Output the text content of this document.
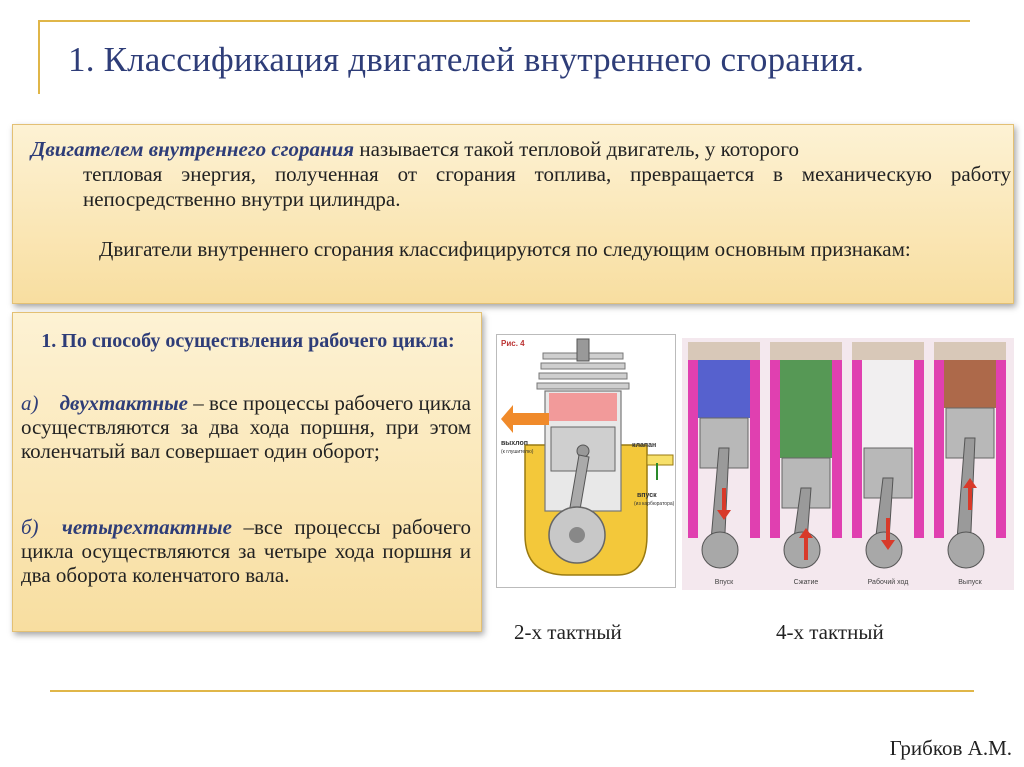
1. Классификация двигателей внутреннего сгорания.
Двигателем внутреннего сгорания называется такой тепловой двигатель, у которого
тепловая энергия, полученная от сгорания топлива, превращается в механическую работу непосредственно внутри цилиндра.
Двигатели внутреннего сгорания классифицируются по следующим основным признакам:
1. По способу осуществления рабочего цикла:
а) двухтактные – все процессы рабочего цикла осуществляются за два хода поршня, при этом коленчатый вал совершает один оборот;
б) четырехтактные –все процессы рабочего цикла осуществляются за четыре хода поршня и два оборота коленчатого вала.
Рис. 4
выхлоп
(к глушителю)
клапан
впуск
(из карбюратора)
Впуск	Сжатие	Рабочий ход	Выпуск
2-х тактный	4-х тактный
Грибков А.М.
